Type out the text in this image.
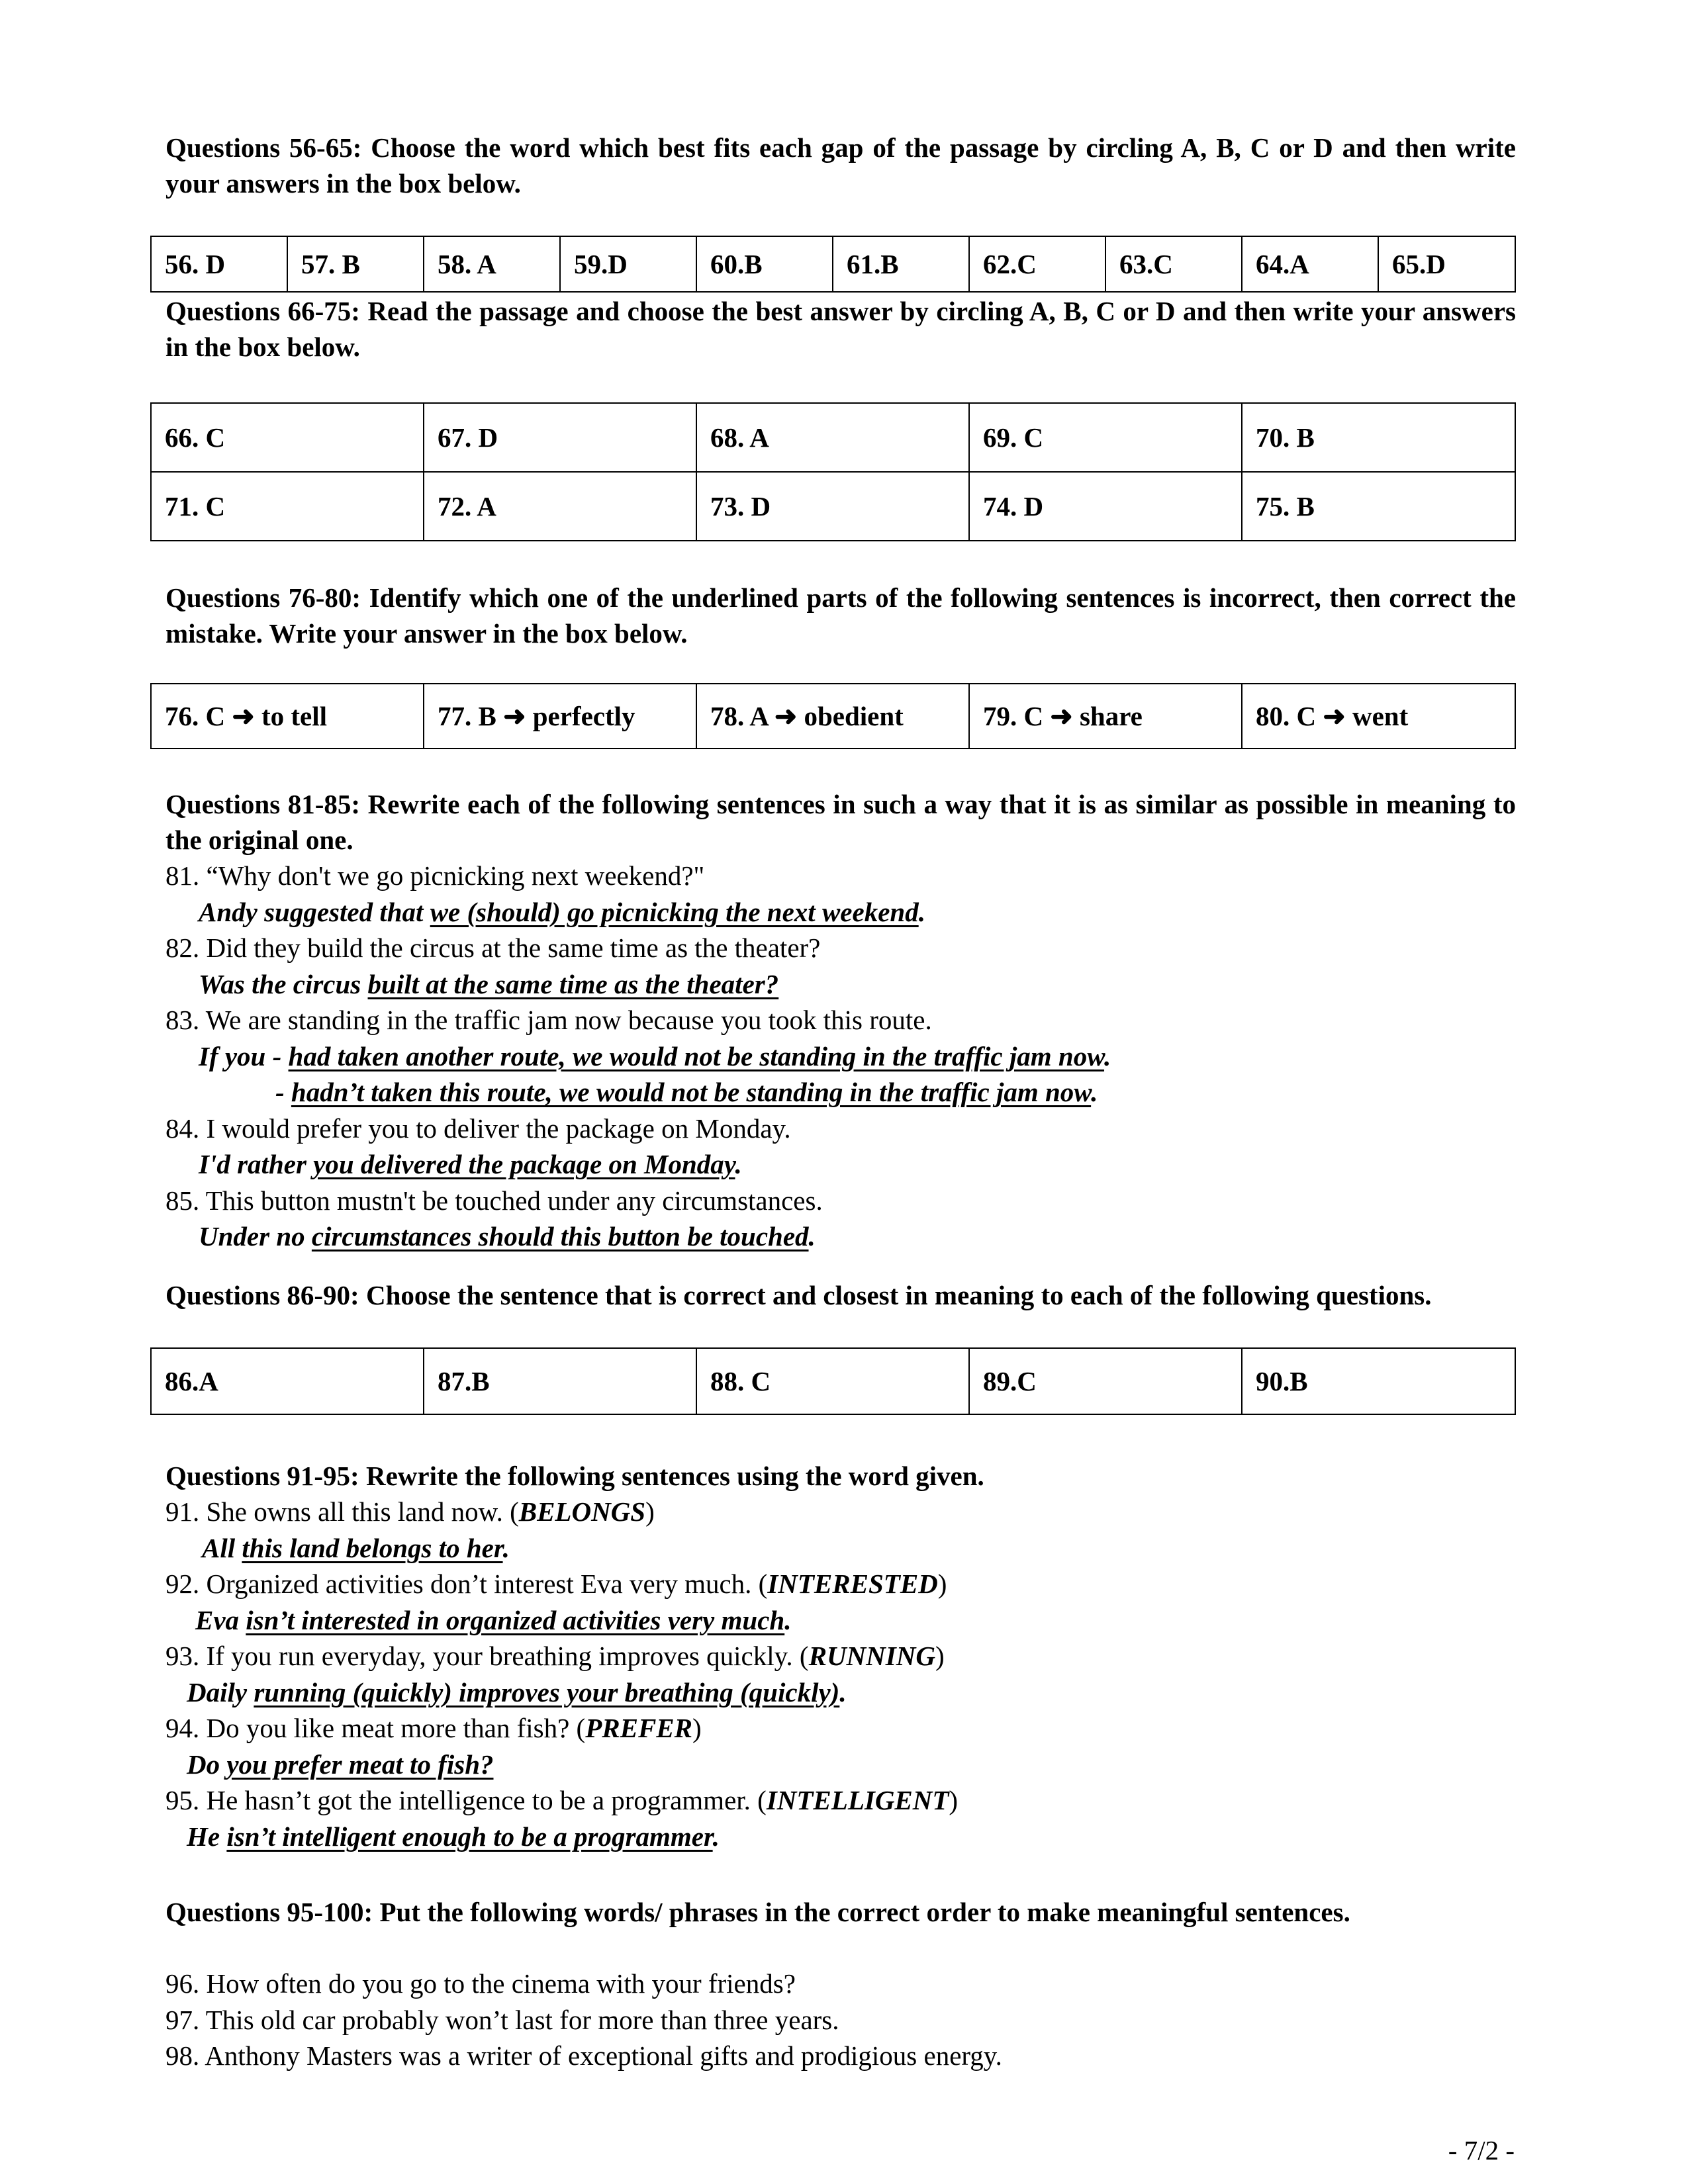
Questions 56-65: Choose the word which best fits each gap of the passage by circling A, B, C or D and then write your answers in the box below.
56. D	57. B	58. A	59.D	60.B	61.B	62.C	63.C	64.A	65.D
Questions 66-75: Read the passage and choose the best answer by circling A, B, C or D and then write your answers in the box below.
66. C	67. D	68. A	69. C	70. B
71. C	72. A	73. D	74. D	75. B
Questions 76-80: Identify which one of the underlined parts of the following sentences is incorrect, then correct the mistake. Write your answer in the box below.
76. C ➜ to tell	77. B ➜ perfectly	78. A ➜ obedient	79. C ➜ share	80. C ➜ went
Questions 81-85: Rewrite each of the following sentences in such a way that it is as similar as possible in meaning to the original one.
81. “Why don't we go picnicking next weekend?"
Andy suggested that we (should) go picnicking the next weekend.
82. Did they build the circus at the same time as the theater?
Was the circus built at the same time as the theater?
83. We are standing in the traffic jam now because you took this route.
If you - had taken another route, we would not be standing in the traffic jam now.
- hadn’t taken this route, we would not be standing in the traffic jam now.
84. I would prefer you to deliver the package on Monday.
I'd rather you delivered the package on Monday.
85. This button mustn't be touched under any circumstances.
Under no circumstances should this button be touched.
Questions 86-90: Choose the sentence that is correct and closest in meaning to each of the following questions.
86.A	87.B	88. C	89.C	90.B
Questions 91-95: Rewrite the following sentences using the word given.
91. She owns all this land now. (BELONGS)
All this land belongs to her.
92. Organized activities don’t interest Eva very much. (INTERESTED)
Eva isn’t interested in organized activities very much.
93. If you run everyday, your breathing improves quickly. (RUNNING)
Daily running (quickly) improves your breathing (quickly).
94. Do you like meat more than fish? (PREFER)
Do you prefer meat to fish?
95. He hasn’t got the intelligence to be a programmer. (INTELLIGENT)
He isn’t intelligent enough to be a programmer.
Questions 95-100: Put the following words/ phrases in the correct order to make meaningful sentences.
96. How often do you go to the cinema with your friends?
97. This old car probably won’t last for more than three years.
98. Anthony Masters was a writer of exceptional gifts and prodigious energy.
- 7/2 -
